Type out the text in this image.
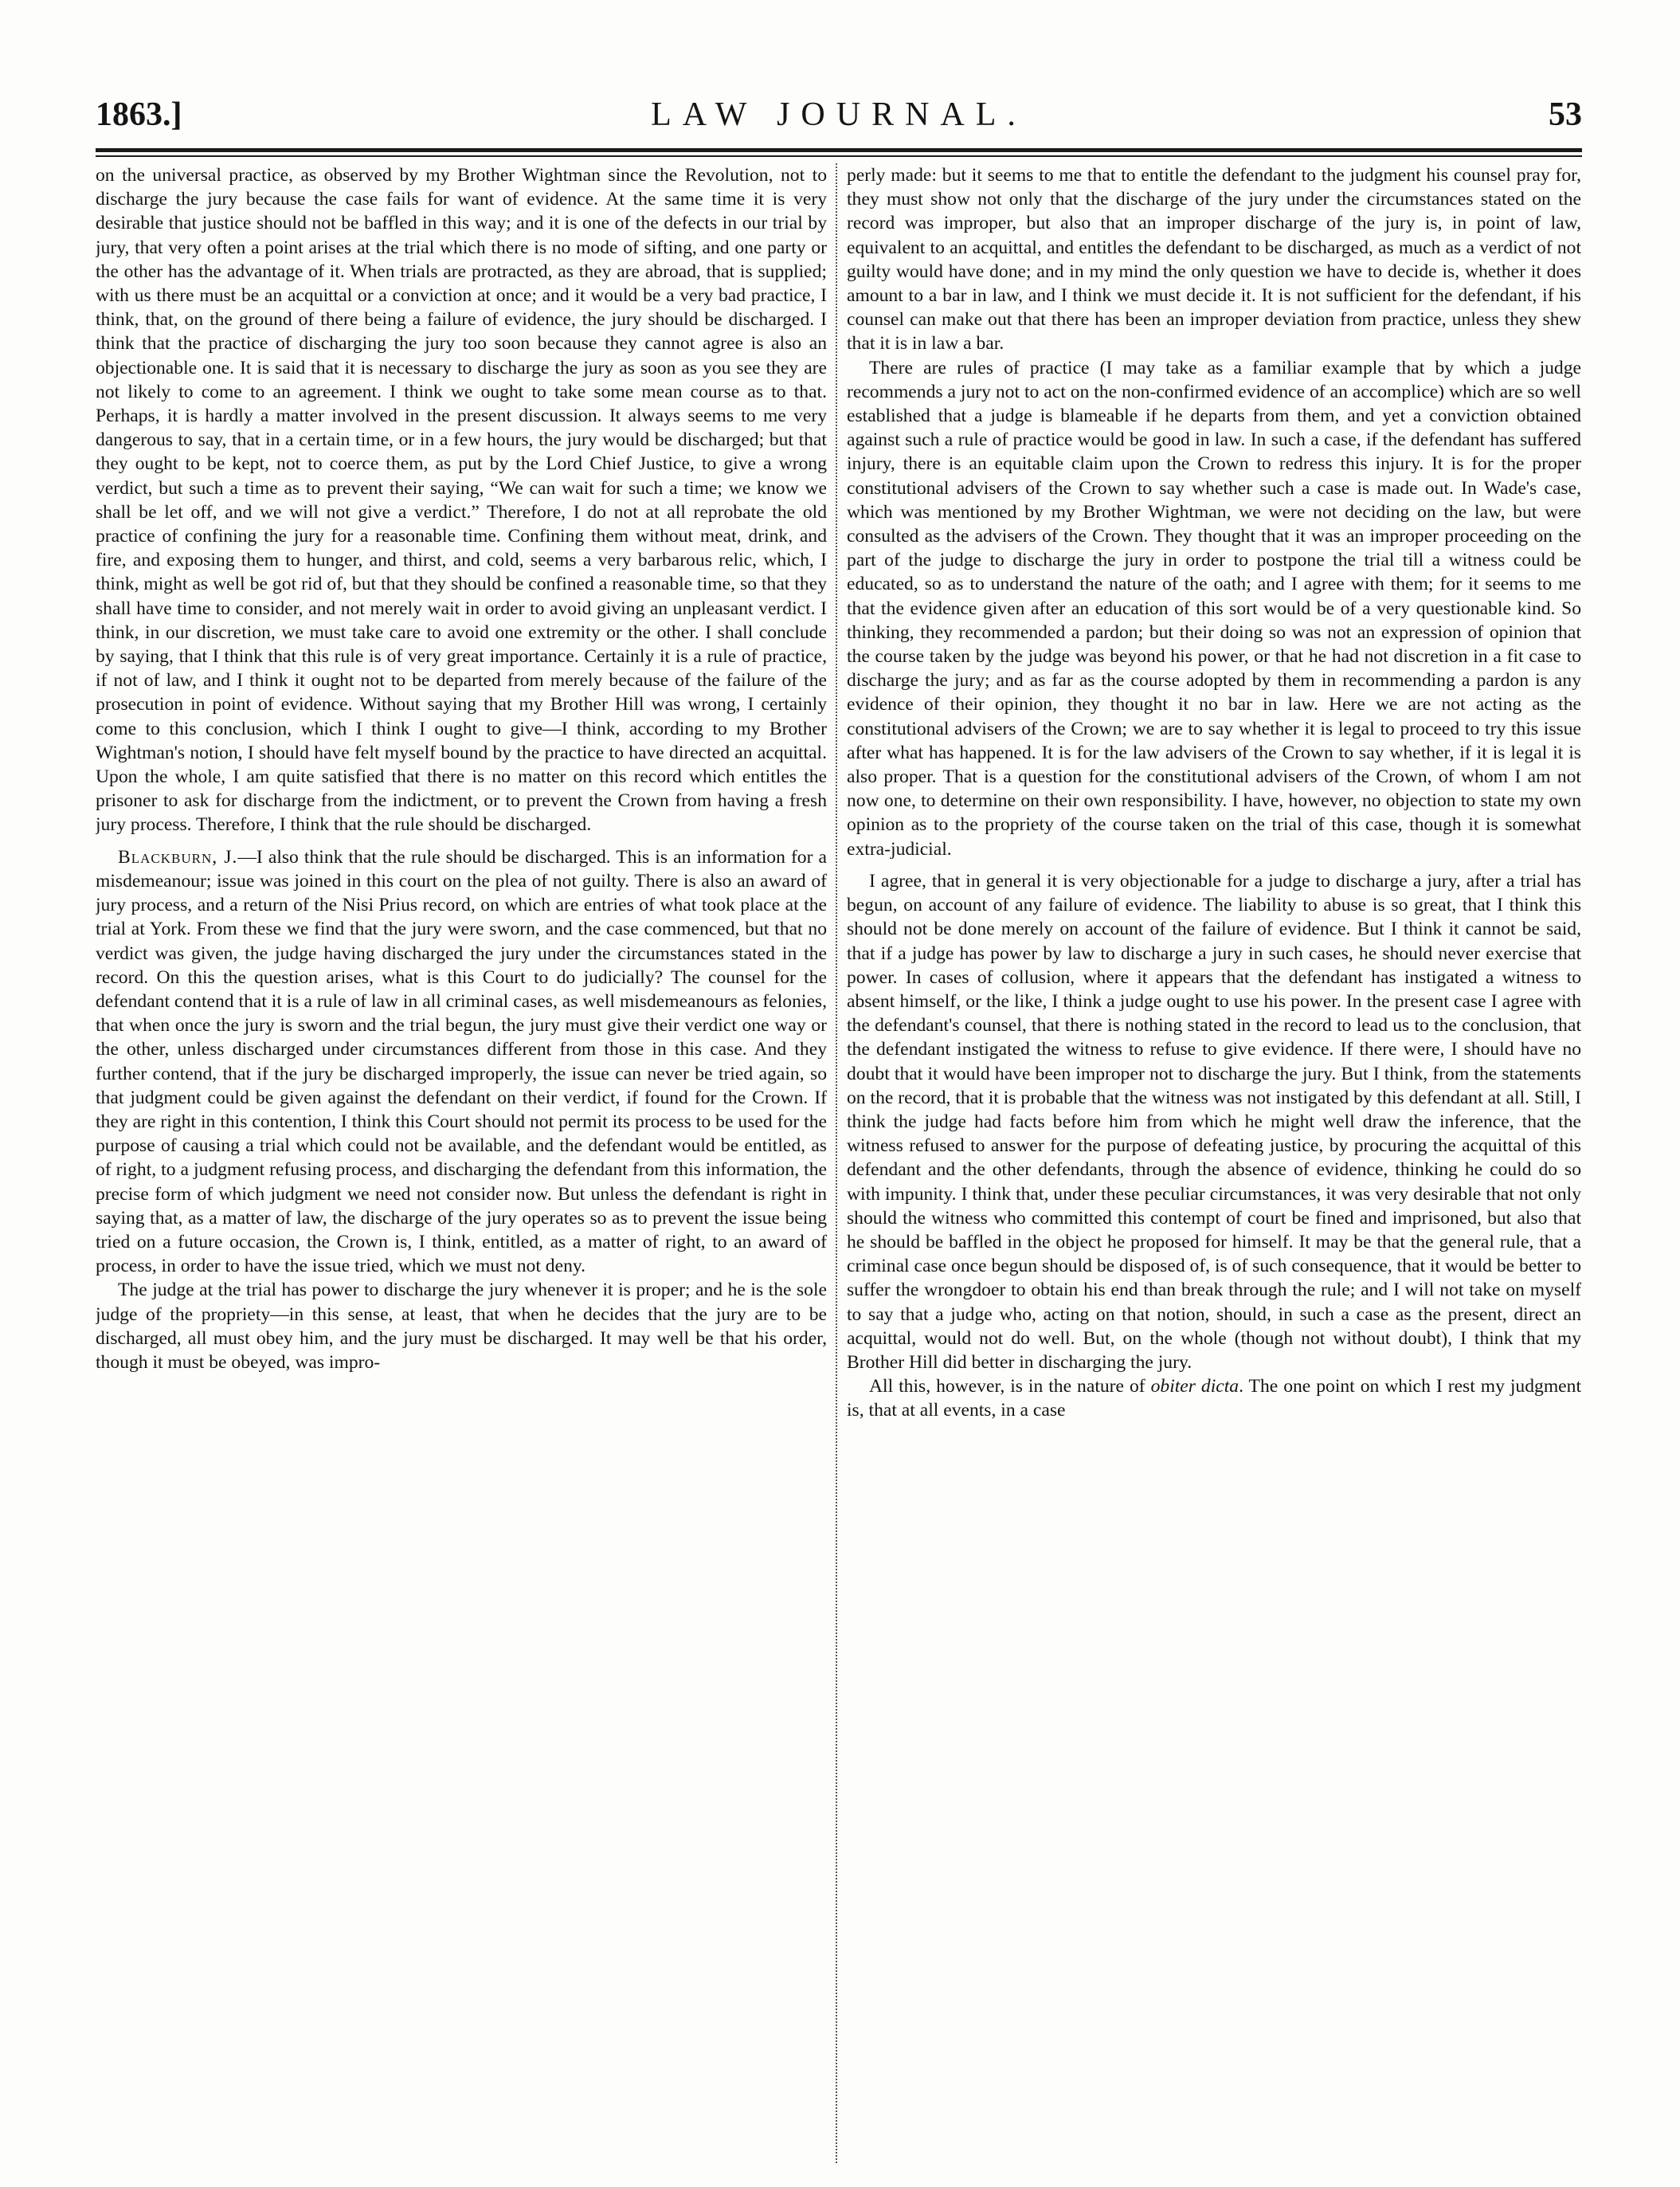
1863.]	LAW JOURNAL.	53

on the universal practice, as observed by my Brother Wightman since the Revolution, not to discharge the jury because the case fails for want of evidence. At the same time it is very desirable that justice should not be baffled in this way; and it is one of the defects in our trial by jury, that very often a point arises at the trial which there is no mode of sifting, and one party or the other has the advantage of it. When trials are protracted, as they are abroad, that is supplied; with us there must be an acquittal or a conviction at once; and it would be a very bad practice, I think, that, on the ground of there being a failure of evidence, the jury should be discharged. I think that the practice of discharging the jury too soon because they cannot agree is also an objectionable one. It is said that it is necessary to discharge the jury as soon as you see they are not likely to come to an agreement. I think we ought to take some mean course as to that. Perhaps, it is hardly a matter involved in the present discussion. It always seems to me very dangerous to say, that in a certain time, or in a few hours, the jury would be discharged; but that they ought to be kept, not to coerce them, as put by the Lord Chief Justice, to give a wrong verdict, but such a time as to prevent their saying, “We can wait for such a time; we know we shall be let off, and we will not give a verdict.” Therefore, I do not at all reprobate the old practice of confining the jury for a reasonable time. Confining them without meat, drink, and fire, and exposing them to hunger, and thirst, and cold, seems a very barbarous relic, which, I think, might as well be got rid of, but that they should be confined a reasonable time, so that they shall have time to consider, and not merely wait in order to avoid giving an unpleasant verdict. I think, in our discretion, we must take care to avoid one extremity or the other. I shall conclude by saying, that I think that this rule is of very great importance. Certainly it is a rule of practice, if not of law, and I think it ought not to be departed from merely because of the failure of the prosecution in point of evidence. Without saying that my Brother Hill was wrong, I certainly come to this conclusion, which I think I ought to give—I think, according to my Brother Wightman's notion, I should have felt myself bound by the practice to have directed an acquittal. Upon the whole, I am quite satisfied that there is no matter on this record which entitles the prisoner to ask for discharge from the indictment, or to prevent the Crown from having a fresh jury process. Therefore, I think that the rule should be discharged.

Blackburn, J.—I also think that the rule should be discharged. This is an information for a misdemeanour; issue was joined in this court on the plea of not guilty. There is also an award of jury process, and a return of the Nisi Prius record, on which are entries of what took place at the trial at York. From these we find that the jury were sworn, and the case commenced, but that no verdict was given, the judge having discharged the jury under the circumstances stated in the record. On this the question arises, what is this Court to do judicially? The counsel for the defendant contend that it is a rule of law in all criminal cases, as well misdemeanours as felonies, that when once the jury is sworn and the trial begun, the jury must give their verdict one way or the other, unless discharged under circumstances different from those in this case. And they further contend, that if the jury be discharged improperly, the issue can never be tried again, so that judgment could be given against the defendant on their verdict, if found for the Crown. If they are right in this contention, I think this Court should not permit its process to be used for the purpose of causing a trial which could not be available, and the defendant would be entitled, as of right, to a judgment refusing process, and discharging the defendant from this information, the precise form of which judgment we need not consider now. But unless the defendant is right in saying that, as a matter of law, the discharge of the jury operates so as to prevent the issue being tried on a future occasion, the Crown is, I think, entitled, as a matter of right, to an award of process, in order to have the issue tried, which we must not deny.

The judge at the trial has power to discharge the jury whenever it is proper; and he is the sole judge of the propriety—in this sense, at least, that when he decides that the jury are to be discharged, all must obey him, and the jury must be discharged. It may well be that his order, though it must be obeyed, was impro-

perly made: but it seems to me that to entitle the defendant to the judgment his counsel pray for, they must show not only that the discharge of the jury under the circumstances stated on the record was improper, but also that an improper discharge of the jury is, in point of law, equivalent to an acquittal, and entitles the defendant to be discharged, as much as a verdict of not guilty would have done; and in my mind the only question we have to decide is, whether it does amount to a bar in law, and I think we must decide it. It is not sufficient for the defendant, if his counsel can make out that there has been an improper deviation from practice, unless they shew that it is in law a bar.

There are rules of practice (I may take as a familiar example that by which a judge recommends a jury not to act on the non-confirmed evidence of an accomplice) which are so well established that a judge is blameable if he departs from them, and yet a conviction obtained against such a rule of practice would be good in law. In such a case, if the defendant has suffered injury, there is an equitable claim upon the Crown to redress this injury. It is for the proper constitutional advisers of the Crown to say whether such a case is made out. In Wade's case, which was mentioned by my Brother Wightman, we were not deciding on the law, but were consulted as the advisers of the Crown. They thought that it was an improper proceeding on the part of the judge to discharge the jury in order to postpone the trial till a witness could be educated, so as to understand the nature of the oath; and I agree with them; for it seems to me that the evidence given after an education of this sort would be of a very questionable kind. So thinking, they recommended a pardon; but their doing so was not an expression of opinion that the course taken by the judge was beyond his power, or that he had not discretion in a fit case to discharge the jury; and as far as the course adopted by them in recommending a pardon is any evidence of their opinion, they thought it no bar in law. Here we are not acting as the constitutional advisers of the Crown; we are to say whether it is legal to proceed to try this issue after what has happened. It is for the law advisers of the Crown to say whether, if it is legal it is also proper. That is a question for the constitutional advisers of the Crown, of whom I am not now one, to determine on their own responsibility. I have, however, no objection to state my own opinion as to the propriety of the course taken on the trial of this case, though it is somewhat extra-judicial.

I agree, that in general it is very objectionable for a judge to discharge a jury, after a trial has begun, on account of any failure of evidence. The liability to abuse is so great, that I think this should not be done merely on account of the failure of evidence. But I think it cannot be said, that if a judge has power by law to discharge a jury in such cases, he should never exercise that power. In cases of collusion, where it appears that the defendant has instigated a witness to absent himself, or the like, I think a judge ought to use his power. In the present case I agree with the defendant's counsel, that there is nothing stated in the record to lead us to the conclusion, that the defendant instigated the witness to refuse to give evidence. If there were, I should have no doubt that it would have been improper not to discharge the jury. But I think, from the statements on the record, that it is probable that the witness was not instigated by this defendant at all. Still, I think the judge had facts before him from which he might well draw the inference, that the witness refused to answer for the purpose of defeating justice, by procuring the acquittal of this defendant and the other defendants, through the absence of evidence, thinking he could do so with impunity. I think that, under these peculiar circumstances, it was very desirable that not only should the witness who committed this contempt of court be fined and imprisoned, but also that he should be baffled in the object he proposed for himself. It may be that the general rule, that a criminal case once begun should be disposed of, is of such consequence, that it would be better to suffer the wrongdoer to obtain his end than break through the rule; and I will not take on myself to say that a judge who, acting on that notion, should, in such a case as the present, direct an acquittal, would not do well. But, on the whole (though not without doubt), I think that my Brother Hill did better in discharging the jury.

All this, however, is in the nature of obiter dicta. The one point on which I rest my judgment is, that at all events, in a case
